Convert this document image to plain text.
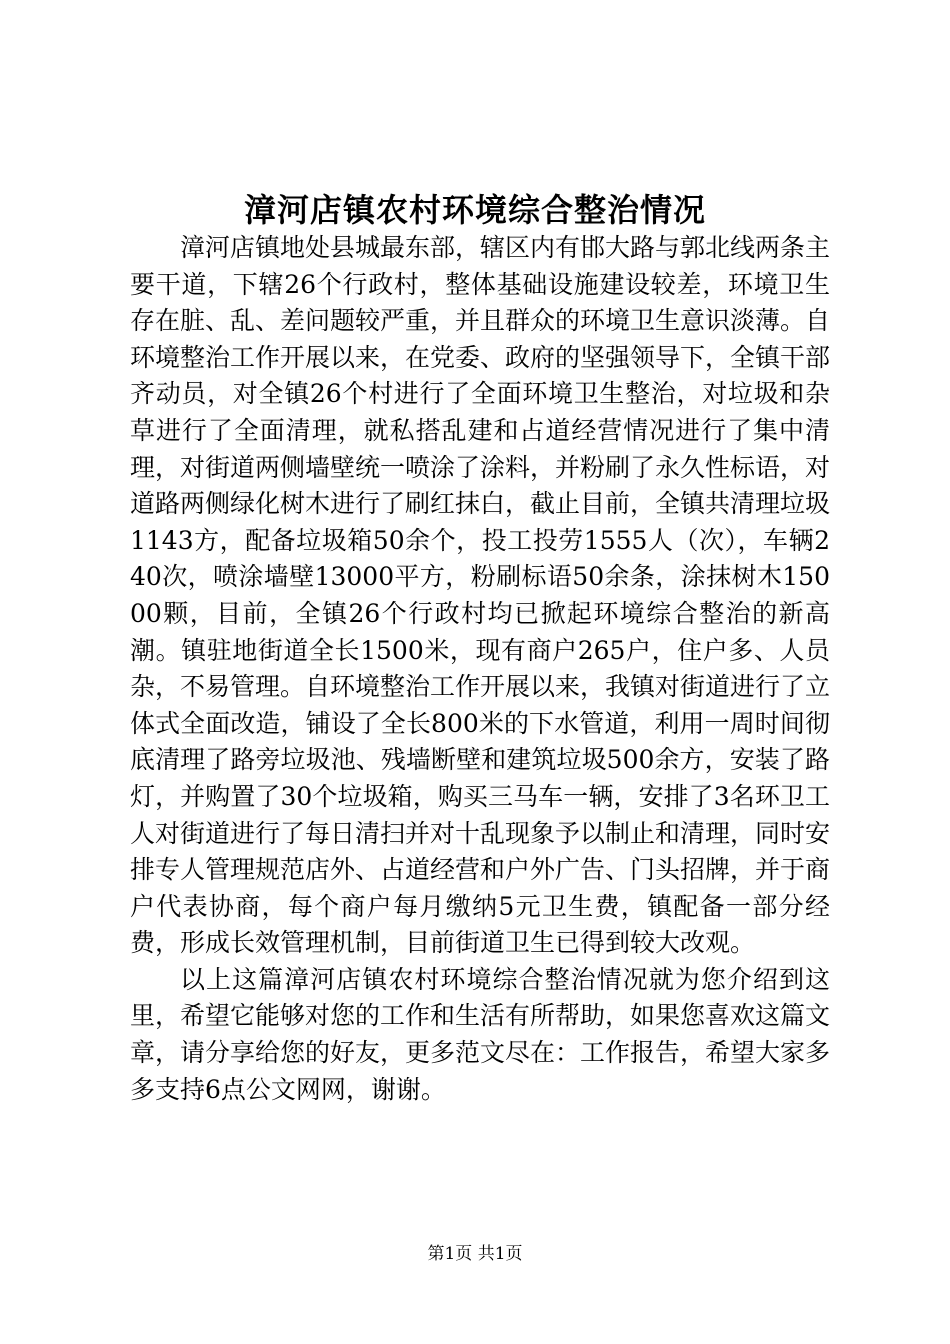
漳河店镇农村环境综合整治情况

漳河店镇地处县城最东部，辖区内有邯大路与郭北线两条主要干道，下辖26个行政村，整体基础设施建设较差，环境卫生存在脏、乱、差问题较严重，并且群众的环境卫生意识淡薄。自环境整治工作开展以来，在党委、政府的坚强领导下，全镇干部齐动员，对全镇26个村进行了全面环境卫生整治，对垃圾和杂草进行了全面清理，就私搭乱建和占道经营情况进行了集中清理，对街道两侧墙壁统一喷涂了涂料，并粉刷了永久性标语，对道路两侧绿化树木进行了刷红抹白，截止目前，全镇共清理垃圾1143方，配备垃圾箱50余个，投工投劳1555人（次），车辆240次，喷涂墙壁13000平方，粉刷标语50余条，涂抹树木15000颗，目前，全镇26个行政村均已掀起环境综合整治的新高潮。镇驻地街道全长1500米，现有商户265户，住户多、人员杂，不易管理。自环境整治工作开展以来，我镇对街道进行了立体式全面改造，铺设了全长800米的下水管道，利用一周时间彻底清理了路旁垃圾池、残墙断壁和建筑垃圾500余方，安装了路灯，并购置了30个垃圾箱，购买三马车一辆，安排了3名环卫工人对街道进行了每日清扫并对十乱现象予以制止和清理，同时安排专人管理规范店外、占道经营和户外广告、门头招牌，并于商户代表协商，每个商户每月缴纳5元卫生费，镇配备一部分经费，形成长效管理机制，目前街道卫生已得到较大改观。

以上这篇漳河店镇农村环境综合整治情况就为您介绍到这里，希望它能够对您的工作和生活有所帮助，如果您喜欢这篇文章，请分享给您的好友，更多范文尽在：工作报告，希望大家多多支持6点公文网网，谢谢。

第1页 共1页
